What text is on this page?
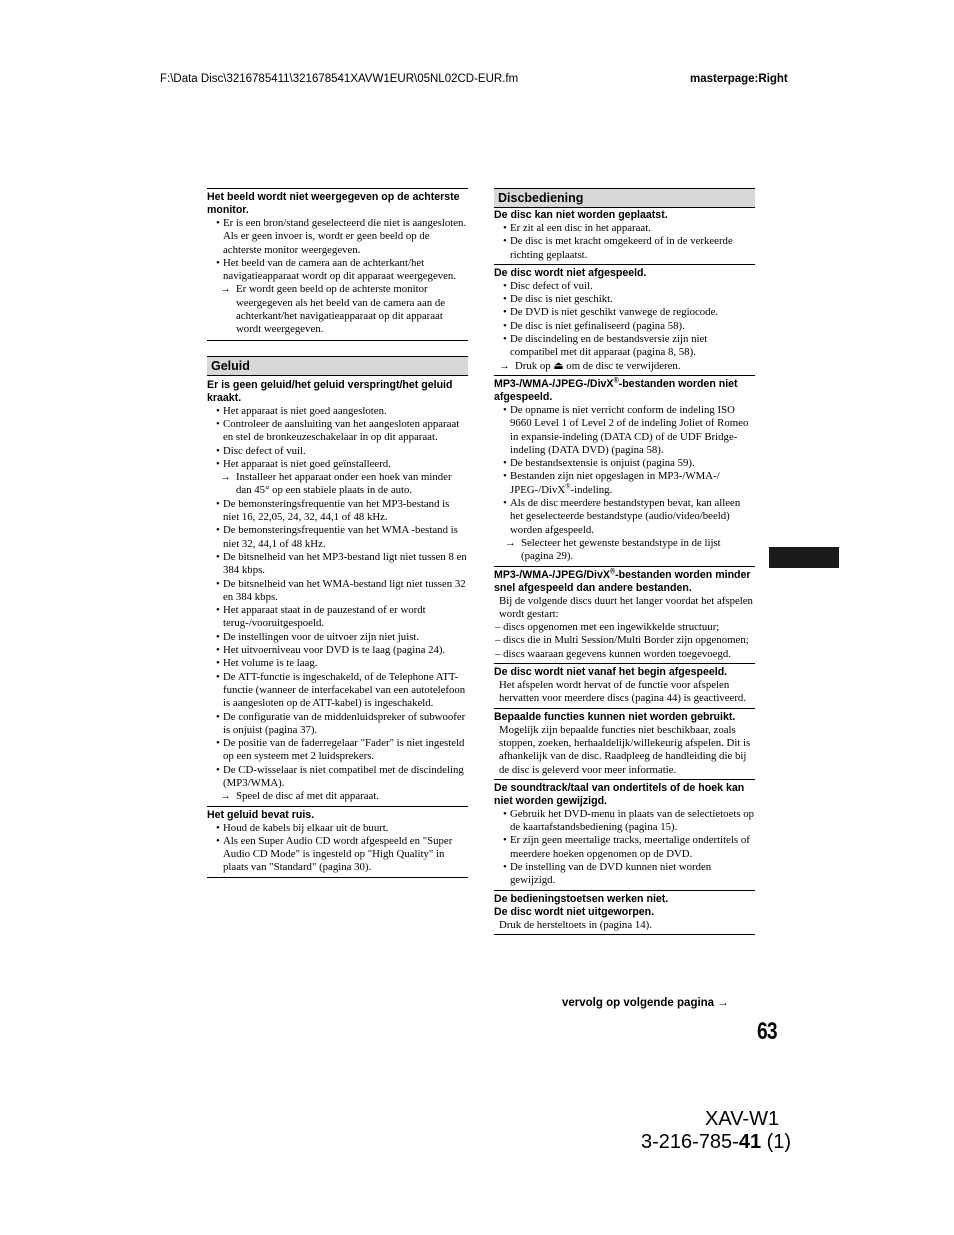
F:\Data Disc\3216785411\321678541XAVW1EUR\05NL02CD-EUR.fm	masterpage:Right
Het beeld wordt niet weergegeven op de achterste monitor.
• Er is een bron/stand geselecteerd die niet is aangesloten. Als er geen invoer is, wordt er geen beeld op de achterste monitor weergegeven.
• Het beeld van de camera aan de achterkant/het navigatieapparaat wordt op dit apparaat weergegeven.
→ Er wordt geen beeld op de achterste monitor weergegeven als het beeld van de camera aan de achterkant/het navigatieapparaat op dit apparaat wordt weergegeven.
Geluid
Er is geen geluid/het geluid verspringt/het geluid kraakt.
• Het apparaat is niet goed aangesloten.
• Controleer de aansluiting van het aangesloten apparaat en stel de bronkeuzeschakelaar in op dit apparaat.
• Disc defect of vuil.
• Het apparaat is niet goed geïnstalleerd.
→ Installeer het apparaat onder een hoek van minder dan 45° op een stabiele plaats in de auto.
• De bemonsteringsfrequentie van het MP3-bestand is niet 16, 22,05, 24, 32, 44,1 of 48 kHz.
• De bemonsteringsfrequentie van het WMA -bestand is niet 32, 44,1 of 48 kHz.
• De bitsnelheid van het MP3-bestand ligt niet tussen 8 en 384 kbps.
• De bitsnelheid van het WMA-bestand ligt niet tussen 32 en 384 kbps.
• Het apparaat staat in de pauzestand of er wordt terug-/vooruitgespoeld.
• De instellingen voor de uitvoer zijn niet juist.
• Het uitvoerniveau voor DVD is te laag (pagina 24).
• Het volume is te laag.
• De ATT-functie is ingeschakeld, of de Telephone ATT-functie (wanneer de interfacekabel van een autotelefoon is aangesloten op de ATT-kabel) is ingeschakeld.
• De configuratie van de middenluidspreker of subwoofer is onjuist (pagina 37).
• De positie van de faderregelaar "Fader" is niet ingesteld op een systeem met 2 luidsprekers.
• De CD-wisselaar is niet compatibel met de discindeling (MP3/WMA).
→ Speel de disc af met dit apparaat.
Het geluid bevat ruis.
• Houd de kabels bij elkaar uit de buurt.
• Als een Super Audio CD wordt afgespeeld en "Super Audio CD Mode" is ingesteld op "High Quality" in plaats van "Standard" (pagina 30).
Discbediening
De disc kan niet worden geplaatst.
• Er zit al een disc in het apparaat.
• De disc is met kracht omgekeerd of in de verkeerde richting geplaatst.
De disc wordt niet afgespeeld.
• Disc defect of vuil.
• De disc is niet geschikt.
• De DVD is niet geschikt vanwege de regiocode.
• De disc is niet gefinaliseerd (pagina 58).
• De discindeling en de bestandsversie zijn niet compatibel met dit apparaat (pagina 8, 58).
→ Druk op ⏏ om de disc te verwijderen.
MP3-/WMA-/JPEG-/DivX®-bestanden worden niet afgespeeld.
• De opname is niet verricht conform de indeling ISO 9660 Level 1 of Level 2 of de indeling Joliet of Romeo in expansie-indeling (DATA CD) of de UDF Bridge- indeling (DATA DVD) (pagina 58).
• De bestandsextensie is onjuist (pagina 59).
• Bestanden zijn niet opgeslagen in MP3-/WMA-/ JPEG-/DivX®-indeling.
• Als de disc meerdere bestandstypen bevat, kan alleen het geselecteerde bestandstype (audio/video/beeld) worden afgespeeld.
→ Selecteer het gewenste bestandstype in de lijst (pagina 29).
MP3-/WMA-/JPEG/DivX®-bestanden worden minder snel afgespeeld dan andere bestanden.

Bij de volgende discs duurt het langer voordat het afspelen wordt gestart:

– discs opgenomen met een ingewikkelde structuur;
– discs die in Multi Session/Multi Border zijn opgenomen;
– discs waaraan gegevens kunnen worden toegevoegd.
De disc wordt niet vanaf het begin afgespeeld.

Het afspelen wordt hervat of de functie voor afspelen hervatten voor meerdere discs (pagina 44) is geactiveerd.

Bepaalde functies kunnen niet worden gebruikt.

Mogelijk zijn bepaalde functies niet beschikbaar, zoals stoppen, zoeken, herhaaldelijk/willekeurig afspelen. Dit is afhankelijk van de disc. Raadpleeg de handleiding die bij de disc is geleverd voor meer informatie.

De soundtrack/taal van ondertitels of de hoek kan niet worden gewijzigd.
• Gebruik het DVD-menu in plaats van de selectietoets op de kaartafstandsbediening (pagina 15).
• Er zijn geen meertalige tracks, meertalige ondertitels of meerdere hoeken opgenomen op de DVD.
• De instelling van de DVD kunnen niet worden gewijzigd.
De bedieningstoetsen werken niet.
De disc wordt niet uitgeworpen.

Druk de hersteltoets in (pagina 14).

vervolg op volgende pagina →
63
XAV-W1
3-216-785-41 (1)
